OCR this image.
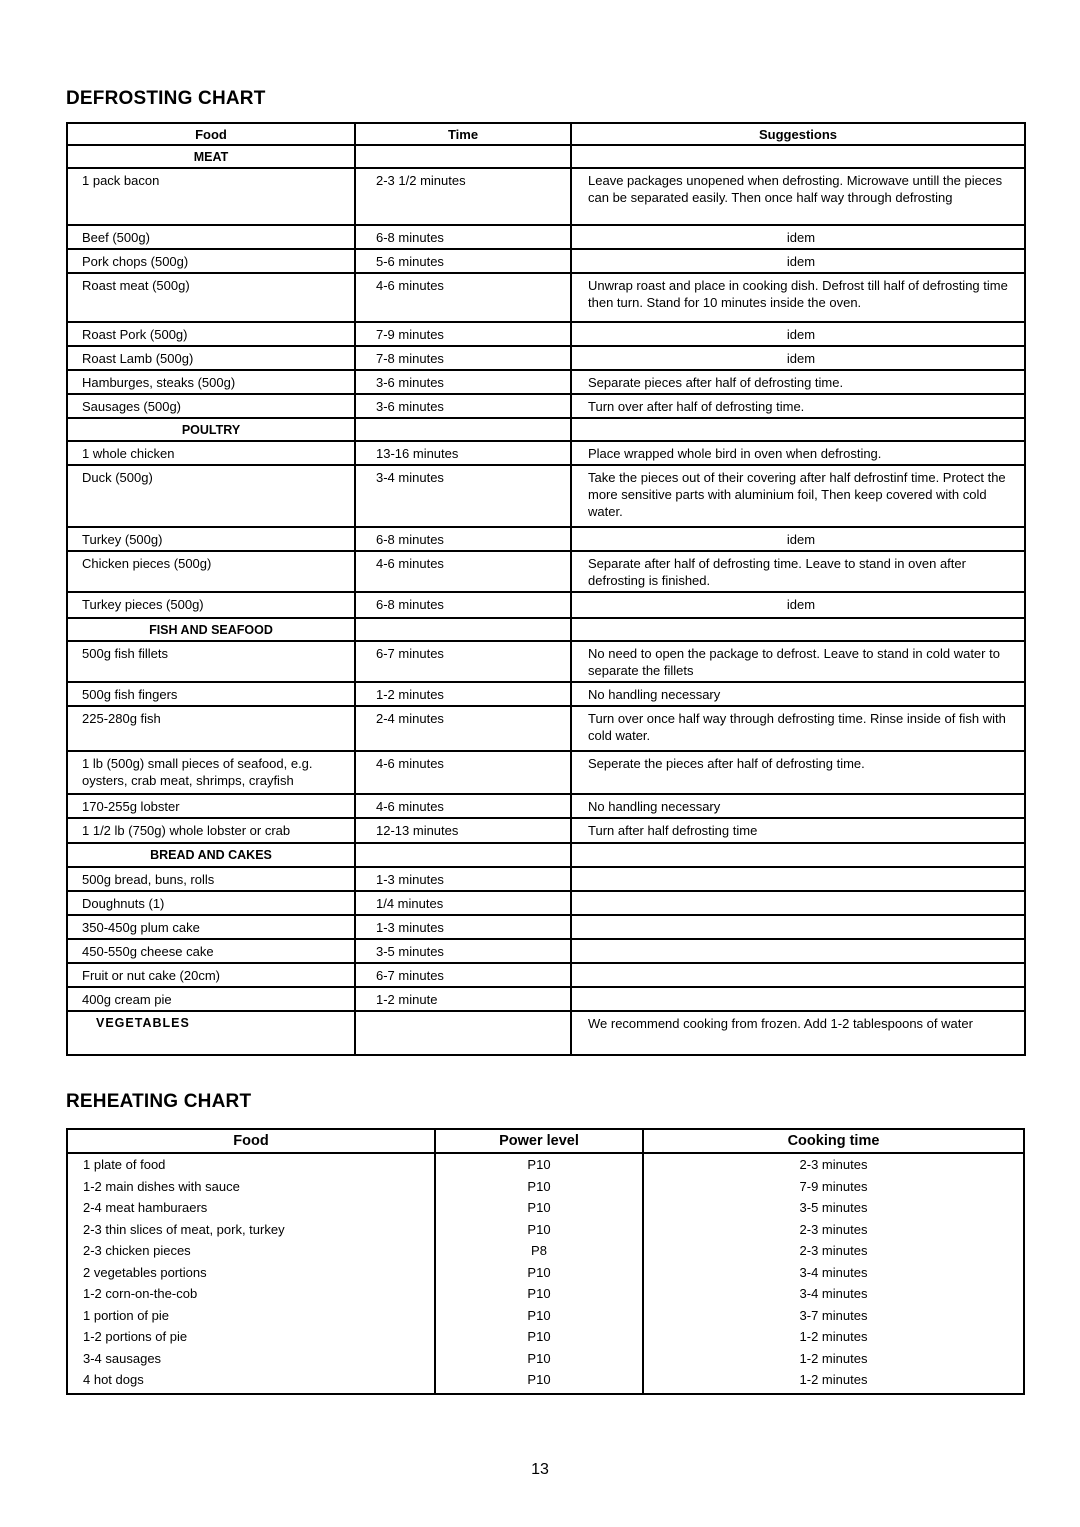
DEFROSTING CHART
Food	Time	Suggestions
MEAT		
1 pack bacon	2-3 1/2 minutes	Leave packages unopened when defrosting. Microwave untill the pieces can be separated easily. Then once half way through defrosting
Beef (500g)	6-8 minutes	idem
Pork chops (500g)	5-6 minutes	idem
Roast meat (500g)	4-6 minutes	Unwrap roast and place in cooking dish. Defrost till half of defrosting time then turn. Stand for 10 minutes inside the oven.
Roast Pork (500g)	7-9 minutes	idem
Roast Lamb (500g)	7-8 minutes	idem
Hamburges, steaks (500g)	3-6 minutes	Separate pieces after half of defrosting time.
Sausages (500g)	3-6 minutes	Turn over after half of defrosting time.
POULTRY		
1 whole chicken	13-16 minutes	Place wrapped whole bird in oven when defrosting.
Duck (500g)	3-4 minutes	Take the pieces out of their covering after half defrostinf time. Protect the more sensitive parts with aluminium foil, Then keep covered with cold water.
Turkey (500g)	6-8 minutes	idem
Chicken pieces (500g)	4-6 minutes	Separate after half of defrosting time. Leave to stand in oven after defrosting is finished.
Turkey pieces (500g)	6-8 minutes	idem
FISH AND SEAFOOD		
500g fish fillets	6-7 minutes	No need to open the package to defrost. Leave to stand in cold water to separate the fillets
500g fish fingers	1-2 minutes	No handling necessary
225-280g fish	2-4 minutes	Turn over once half way through defrosting time. Rinse inside of fish with cold water.
1 lb (500g) small pieces of seafood, e.g. oysters, crab meat, shrimps, crayfish	4-6 minutes	Seperate the pieces after half of defrosting time.
170-255g lobster	4-6 minutes	No handling necessary
1 1/2 lb (750g) whole lobster or crab	12-13 minutes	Turn after half defrosting time
BREAD AND CAKES		
500g bread, buns, rolls	1-3 minutes	
Doughnuts (1)	1/4 minutes	
350-450g plum cake	1-3 minutes	
450-550g cheese cake	3-5 minutes	
Fruit or nut cake (20cm)	6-7 minutes	
400g cream pie	1-2 minute	
VEGETABLES		We recommend cooking from frozen. Add 1-2 tablespoons of water
REHEATING CHART
Food	Power level	Cooking time
1 plate of food	P10	2-3 minutes
1-2 main dishes with sauce	P10	7-9 minutes
2-4 meat hamburaers	P10	3-5 minutes
2-3 thin slices of meat, pork, turkey	P10	2-3 minutes
2-3 chicken pieces	P8	2-3 minutes
2 vegetables portions	P10	3-4 minutes
1-2 corn-on-the-cob	P10	3-4 minutes
1 portion of pie	P10	3-7 minutes
1-2 portions of pie	P10	1-2 minutes
3-4 sausages	P10	1-2 minutes
4 hot dogs	P10	1-2 minutes
13
